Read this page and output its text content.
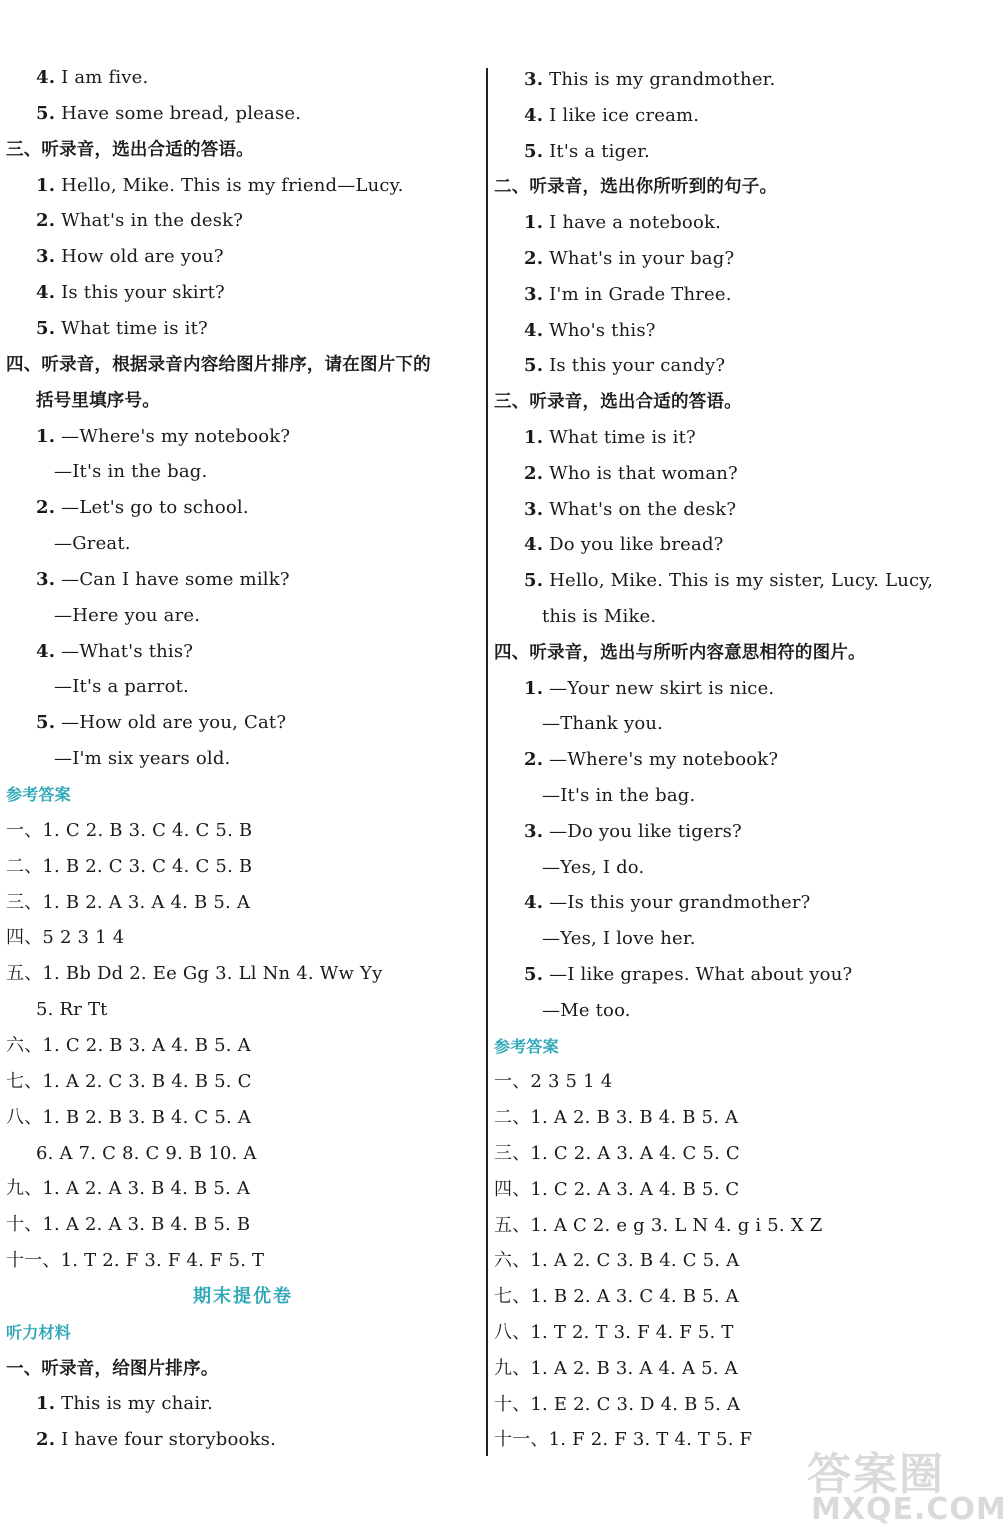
4. I am five.
5. Have some bread, please.
三、听录音，选出合适的答语。
1. Hello, Mike. This is my friend—Lucy.
2. What's in the desk?
3. How old are you?
4. Is this your skirt?
5. What time is it?
四、听录音，根据录音内容给图片排序，请在图片下的
括号里填序号。
1. —Where's my notebook?
—It's in the bag.
2. —Let's go to school.
—Great.
3. —Can I have some milk?
—Here you are.
4. —What's this?
—It's a parrot.
5. —How old are you, Cat?
—I'm six years old.
参考答案
一、1. C 2. B 3. C 4. C 5. B
二、1. B 2. C 3. C 4. C 5. B
三、1. B 2. A 3. A 4. B 5. A
四、5 2 3 1 4
五、1. Bb Dd 2. Ee Gg 3. Ll Nn 4. Ww Yy
5. Rr Tt
六、1. C 2. B 3. A 4. B 5. A
七、1. A 2. C 3. B 4. B 5. C
八、1. B 2. B 3. B 4. C 5. A
6. A 7. C 8. C 9. B 10. A
九、1. A 2. A 3. B 4. B 5. A
十、1. A 2. A 3. B 4. B 5. B
十一、1. T 2. F 3. F 4. F 5. T
期末提优卷
听力材料
一、听录音，给图片排序。
1. This is my chair.
2. I have four storybooks.
3. This is my grandmother.
4. I like ice cream.
5. It's a tiger.
二、听录音，选出你所听到的句子。
1. I have a notebook.
2. What's in your bag?
3. I'm in Grade Three.
4. Who's this?
5. Is this your candy?
三、听录音，选出合适的答语。
1. What time is it?
2. Who is that woman?
3. What's on the desk?
4. Do you like bread?
5. Hello, Mike. This is my sister, Lucy. Lucy,
this is Mike.
四、听录音，选出与所听内容意思相符的图片。
1. —Your new skirt is nice.
—Thank you.
2. —Where's my notebook?
—It's in the bag.
3. —Do you like tigers?
—Yes, I do.
4. —Is this your grandmother?
—Yes, I love her.
5. —I like grapes. What about you?
—Me too.
参考答案
一、2 3 5 1 4
二、1. A 2. B 3. B 4. B 5. A
三、1. C 2. A 3. A 4. C 5. C
四、1. C 2. A 3. A 4. B 5. C
五、1. A C 2. e g 3. L N 4. g i 5. X Z
六、1. A 2. C 3. B 4. C 5. A
七、1. B 2. A 3. C 4. B 5. A
八、1. T 2. T 3. F 4. F 5. T
九、1. A 2. B 3. A 4. A 5. A
十、1. E 2. C 3. D 4. B 5. A
十一、1. F 2. F 3. T 4. T 5. F
答案圈
MXQE.COM
